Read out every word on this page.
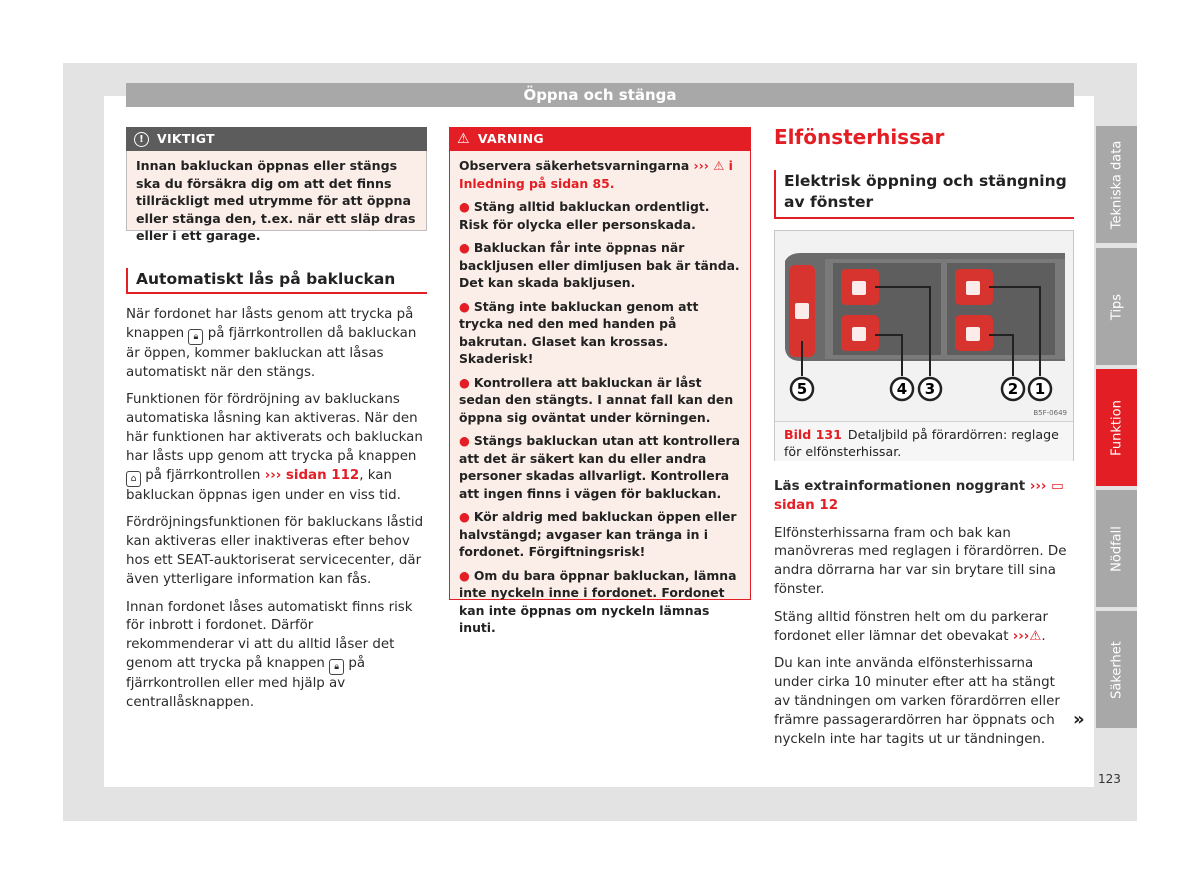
Öppna och stänga
!	VIKTIGT
Innan bakluckan öppnas eller stängs ska du försäkra dig om att det finns tillräckligt med utrymme för att öppna eller stänga den, t.ex. när ett släp dras eller i ett garage.
Automatiskt lås på bakluckan

När fordonet har låsts genom att trycka på knappen 🔒︎ på fjärrkontrollen då bakluckan är öppen, kommer bakluckan att låsas automatiskt när den stängs.

Funktionen för fördröjning av bakluckans automatiska låsning kan aktiveras. När den här funktionen har aktiverats och bakluckan har låsts upp genom att trycka på knappen ⌂ på fjärrkontrollen ››› sidan 112, kan bakluckan öppnas igen under en viss tid.

Fördröjningsfunktionen för bakluckans låstid kan aktiveras eller inaktiveras efter behov hos ett SEAT-auktoriserat servicecenter, där även ytterligare information kan fås.

Innan fordonet låses automatiskt finns risk för inbrott i fordonet. Därför rekommenderar vi att du alltid låser det genom att trycka på knappen 🔒︎ på fjärrkontrollen eller med hjälp av centrallåsknappen.

⚠ VARNING

Observera säkerhetsvarningarna ››› ⚠ i Inledning på sidan 85.

● Stäng alltid bakluckan ordentligt. Risk för olycka eller personskada.

● Bakluckan får inte öppnas när backljusen eller dimljusen bak är tända. Det kan skada bakljusen.

● Stäng inte bakluckan genom att trycka ned den med handen på bakrutan. Glaset kan krossas. Skaderisk!

● Kontrollera att bakluckan är låst sedan den stängts. I annat fall kan den öppna sig oväntat under körningen.

● Stängs bakluckan utan att kontrollera att det är säkert kan du eller andra personer skadas allvarligt. Kontrollera att ingen finns i vägen för bakluckan.

● Kör aldrig med bakluckan öppen eller halvstängd; avgaser kan tränga in i fordonet. Förgiftningsrisk!

● Om du bara öppnar bakluckan, lämna inte nyckeln inne i fordonet. Fordonet kan inte öppnas om nyckeln lämnas inuti.

Elfönsterhissar
Elektrisk öppning och stängning av fönster
5	4 3	2 1
B5F-0649
Bild 131 Detaljbild på förardörren: reglage för elfönsterhissar.

Läs extrainformationen noggrant ››› ▭ sidan 12

Elfönsterhissarna fram och bak kan manövreras med reglagen i förardörren. De andra dörrarna har var sin brytare till sina fönster.

Stäng alltid fönstren helt om du parkerar fordonet eller lämnar det obevakat ›››⚠.

Du kan inte använda elfönsterhissarna under cirka 10 minuter efter att ha stängt av tändningen om varken förardörren eller främre passagerardörren har öppnats och nyckeln inte har tagits ut ur tändningen.

»
Tekniska data
Tips
Funktion
Nödfall
Säkerhet
123
